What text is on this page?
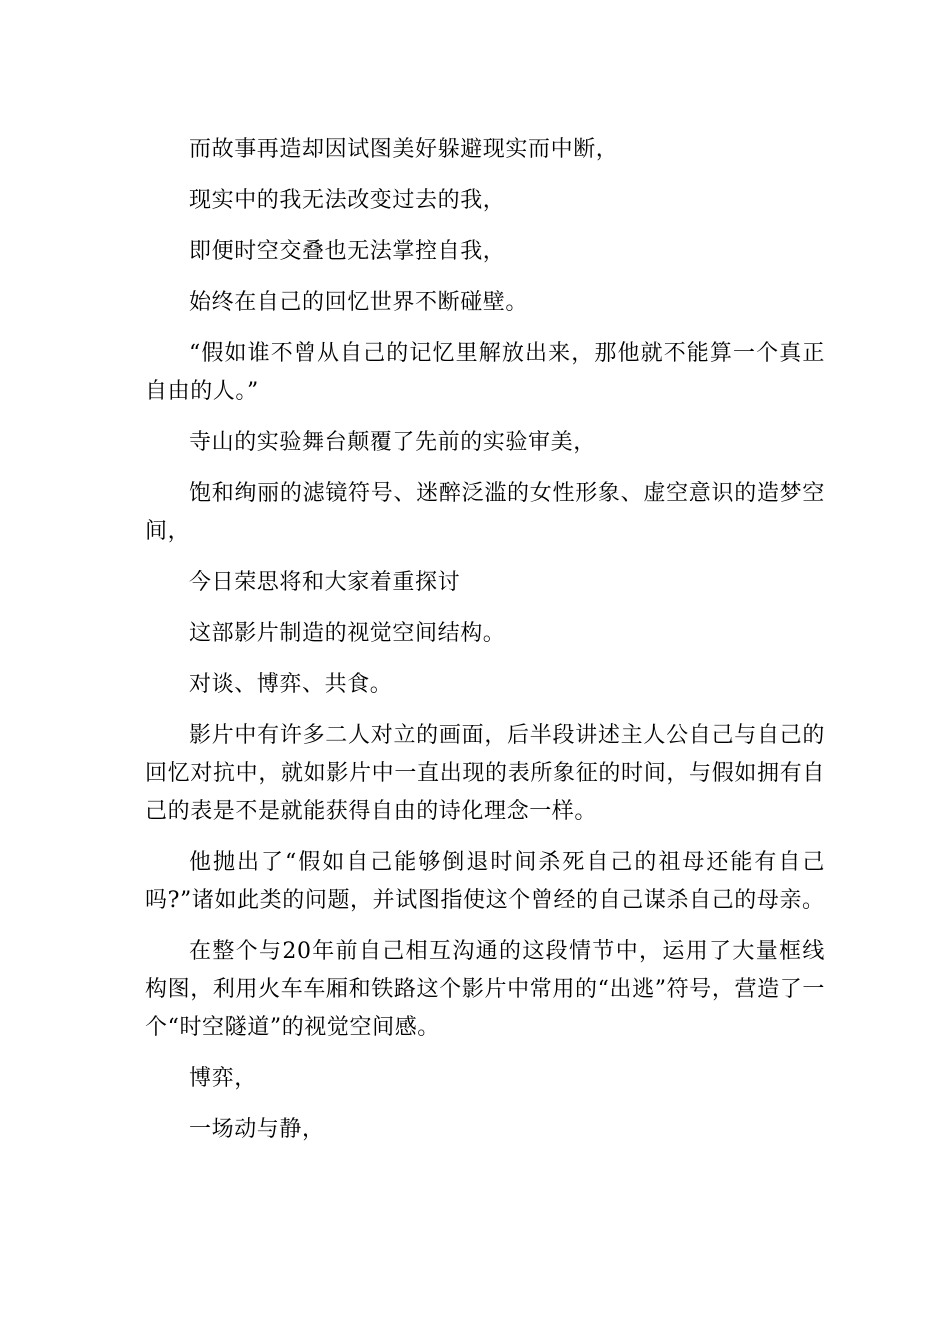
而故事再造却因试图美好躲避现实而中断，

现实中的我无法改变过去的我，

即便时空交叠也无法掌控自我，

始终在自己的回忆世界不断碰壁。

“假如谁不曾从自己的记忆里解放出来，那他就不能算一个真正自由的人。”

寺山的实验舞台颠覆了先前的实验审美，

饱和绚丽的滤镜符号、迷醉泛滥的女性形象、虚空意识的造梦空间，

今日荣思将和大家着重探讨

这部影片制造的视觉空间结构。

对谈、博弈、共食。

影片中有许多二人对立的画面，后半段讲述主人公自己与自己的回忆对抗中，就如影片中一直出现的表所象征的时间，与假如拥有自己的表是不是就能获得自由的诗化理念一样。

他抛出了“假如自己能够倒退时间杀死自己的祖母还能有自己吗?”诸如此类的问题，并试图指使这个曾经的自己谋杀自己的母亲。

在整个与20年前自己相互沟通的这段情节中，运用了大量框线构图，利用火车车厢和铁路这个影片中常用的“出逃”符号，营造了一个“时空隧道”的视觉空间感。

博弈，

一场动与静，
